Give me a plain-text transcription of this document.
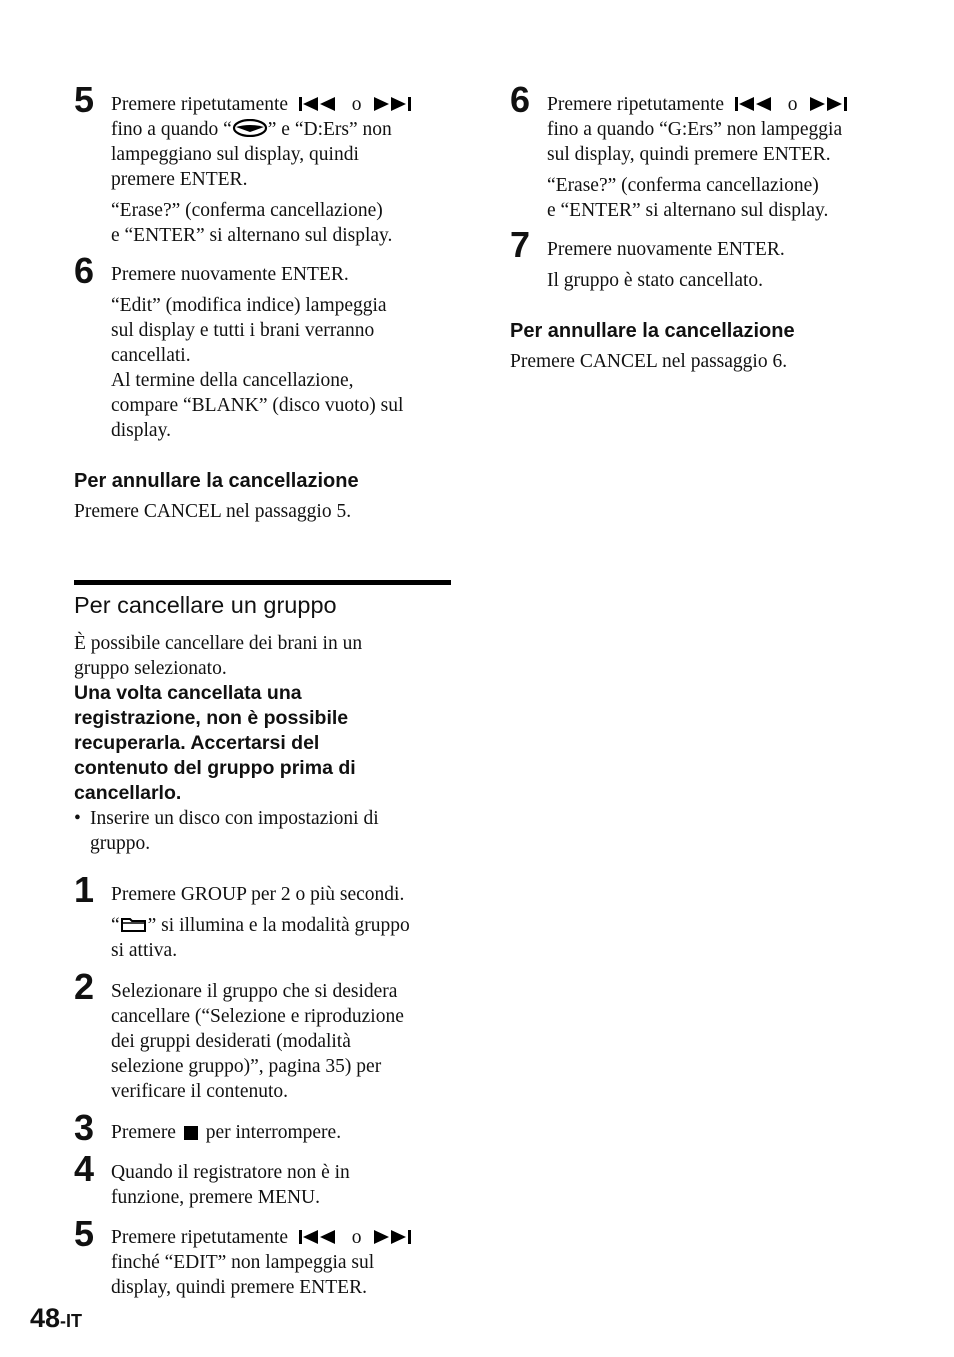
5 Premere ripetutamente	o

fino a quando “ ” e “D:Ers” non

lampeggiano sul display, quindi

premere ENTER.

“Erase?” (conferma cancellazione)

e “ENTER” si alternano sul display.

6 Premere nuovamente ENTER.

“Edit” (modifica indice) lampeggia

sul display e tutti i brani verranno

cancellati.

Al termine della cancellazione,

compare “BLANK” (disco vuoto) sul

display.

Per annullare la cancellazione

Premere CANCEL nel passaggio 5.

Per cancellare un gruppo

È possibile cancellare dei brani in un

gruppo selezionato.

Una volta cancellata una

registrazione, non è possibile

recuperarla. Accertarsi del

contenuto del gruppo prima di

cancellarlo.

• Inserire un disco con impostazioni di

gruppo.

1 Premere GROUP per 2 o più secondi.

“ ” si illumina e la modalità gruppo

si attiva.

2 Selezionare il gruppo che si desidera

cancellare (“Selezione e riproduzione

dei gruppi desiderati (modalità

selezione gruppo)”, pagina 35) per

verificare il contenuto.

3 Premere per interrompere.

4 Quando il registratore non è in

funzione, premere MENU.

5 Premere ripetutamente	o

finché “EDIT” non lampeggia sul

display, quindi premere ENTER.

6 Premere ripetutamente	o

fino a quando “G:Ers” non lampeggia

sul display, quindi premere ENTER.

“Erase?” (conferma cancellazione)

e “ENTER” si alternano sul display.

7 Premere nuovamente ENTER.

Il gruppo è stato cancellato.

Per annullare la cancellazione

Premere CANCEL nel passaggio 6.

48-IT
